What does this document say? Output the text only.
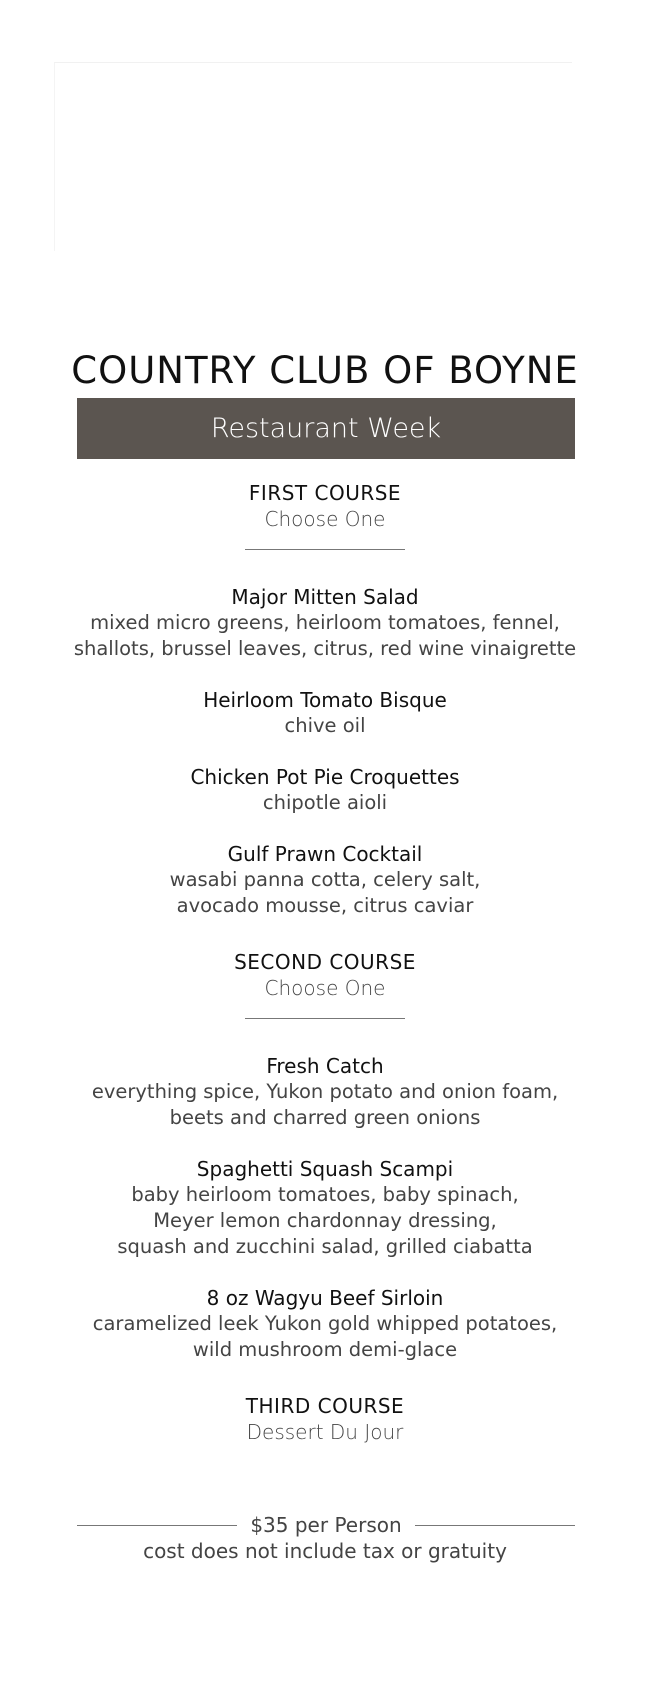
COUNTRY CLUB OF BOYNE
Restaurant Week
FIRST COURSE
Choose One
Major Mitten Salad
mixed micro greens, heirloom tomatoes, fennel,
shallots, brussel leaves, citrus, red wine vinaigrette
Heirloom Tomato Bisque
chive oil
Chicken Pot Pie Croquettes
chipotle aioli
Gulf Prawn Cocktail
wasabi panna cotta, celery salt,
avocado mousse, citrus caviar
SECOND COURSE
Choose One
Fresh Catch
everything spice, Yukon potato and onion foam,
beets and charred green onions
Spaghetti Squash Scampi
baby heirloom tomatoes, baby spinach,
Meyer lemon chardonnay dressing,
squash and zucchini salad, grilled ciabatta
8 oz Wagyu Beef Sirloin
caramelized leek Yukon gold whipped potatoes,
wild mushroom demi-glace
THIRD COURSE
Dessert Du Jour
$35 per Person
cost does not include tax or gratuity
